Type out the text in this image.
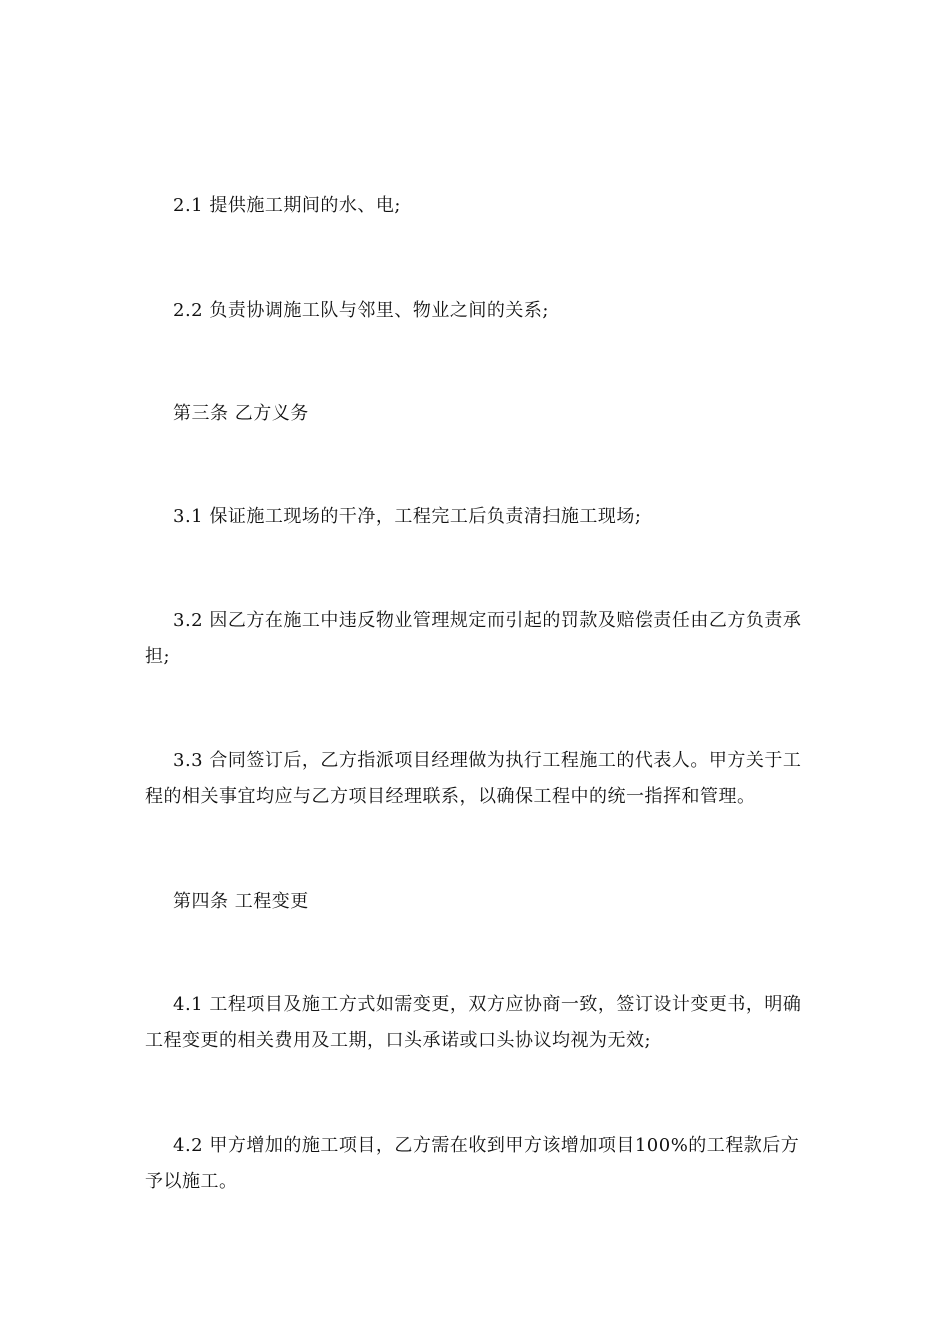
2.1 提供施工期间的水、电;

2.2 负责协调施工队与邻里、物业之间的关系;

第三条 乙方义务

3.1 保证施工现场的干净，工程完工后负责清扫施工现场;

3.2 因乙方在施工中违反物业管理规定而引起的罚款及赔偿责任由乙方负责承担;

3.3 合同签订后，乙方指派项目经理做为执行工程施工的代表人。甲方关于工程的相关事宜均应与乙方项目经理联系，以确保工程中的统一指挥和管理。

第四条 工程变更

4.1 工程项目及施工方式如需变更，双方应协商一致，签订设计变更书，明确工程变更的相关费用及工期，口头承诺或口头协议均视为无效;

4.2 甲方增加的施工项目，乙方需在收到甲方该增加项目100%的工程款后方予以施工。
